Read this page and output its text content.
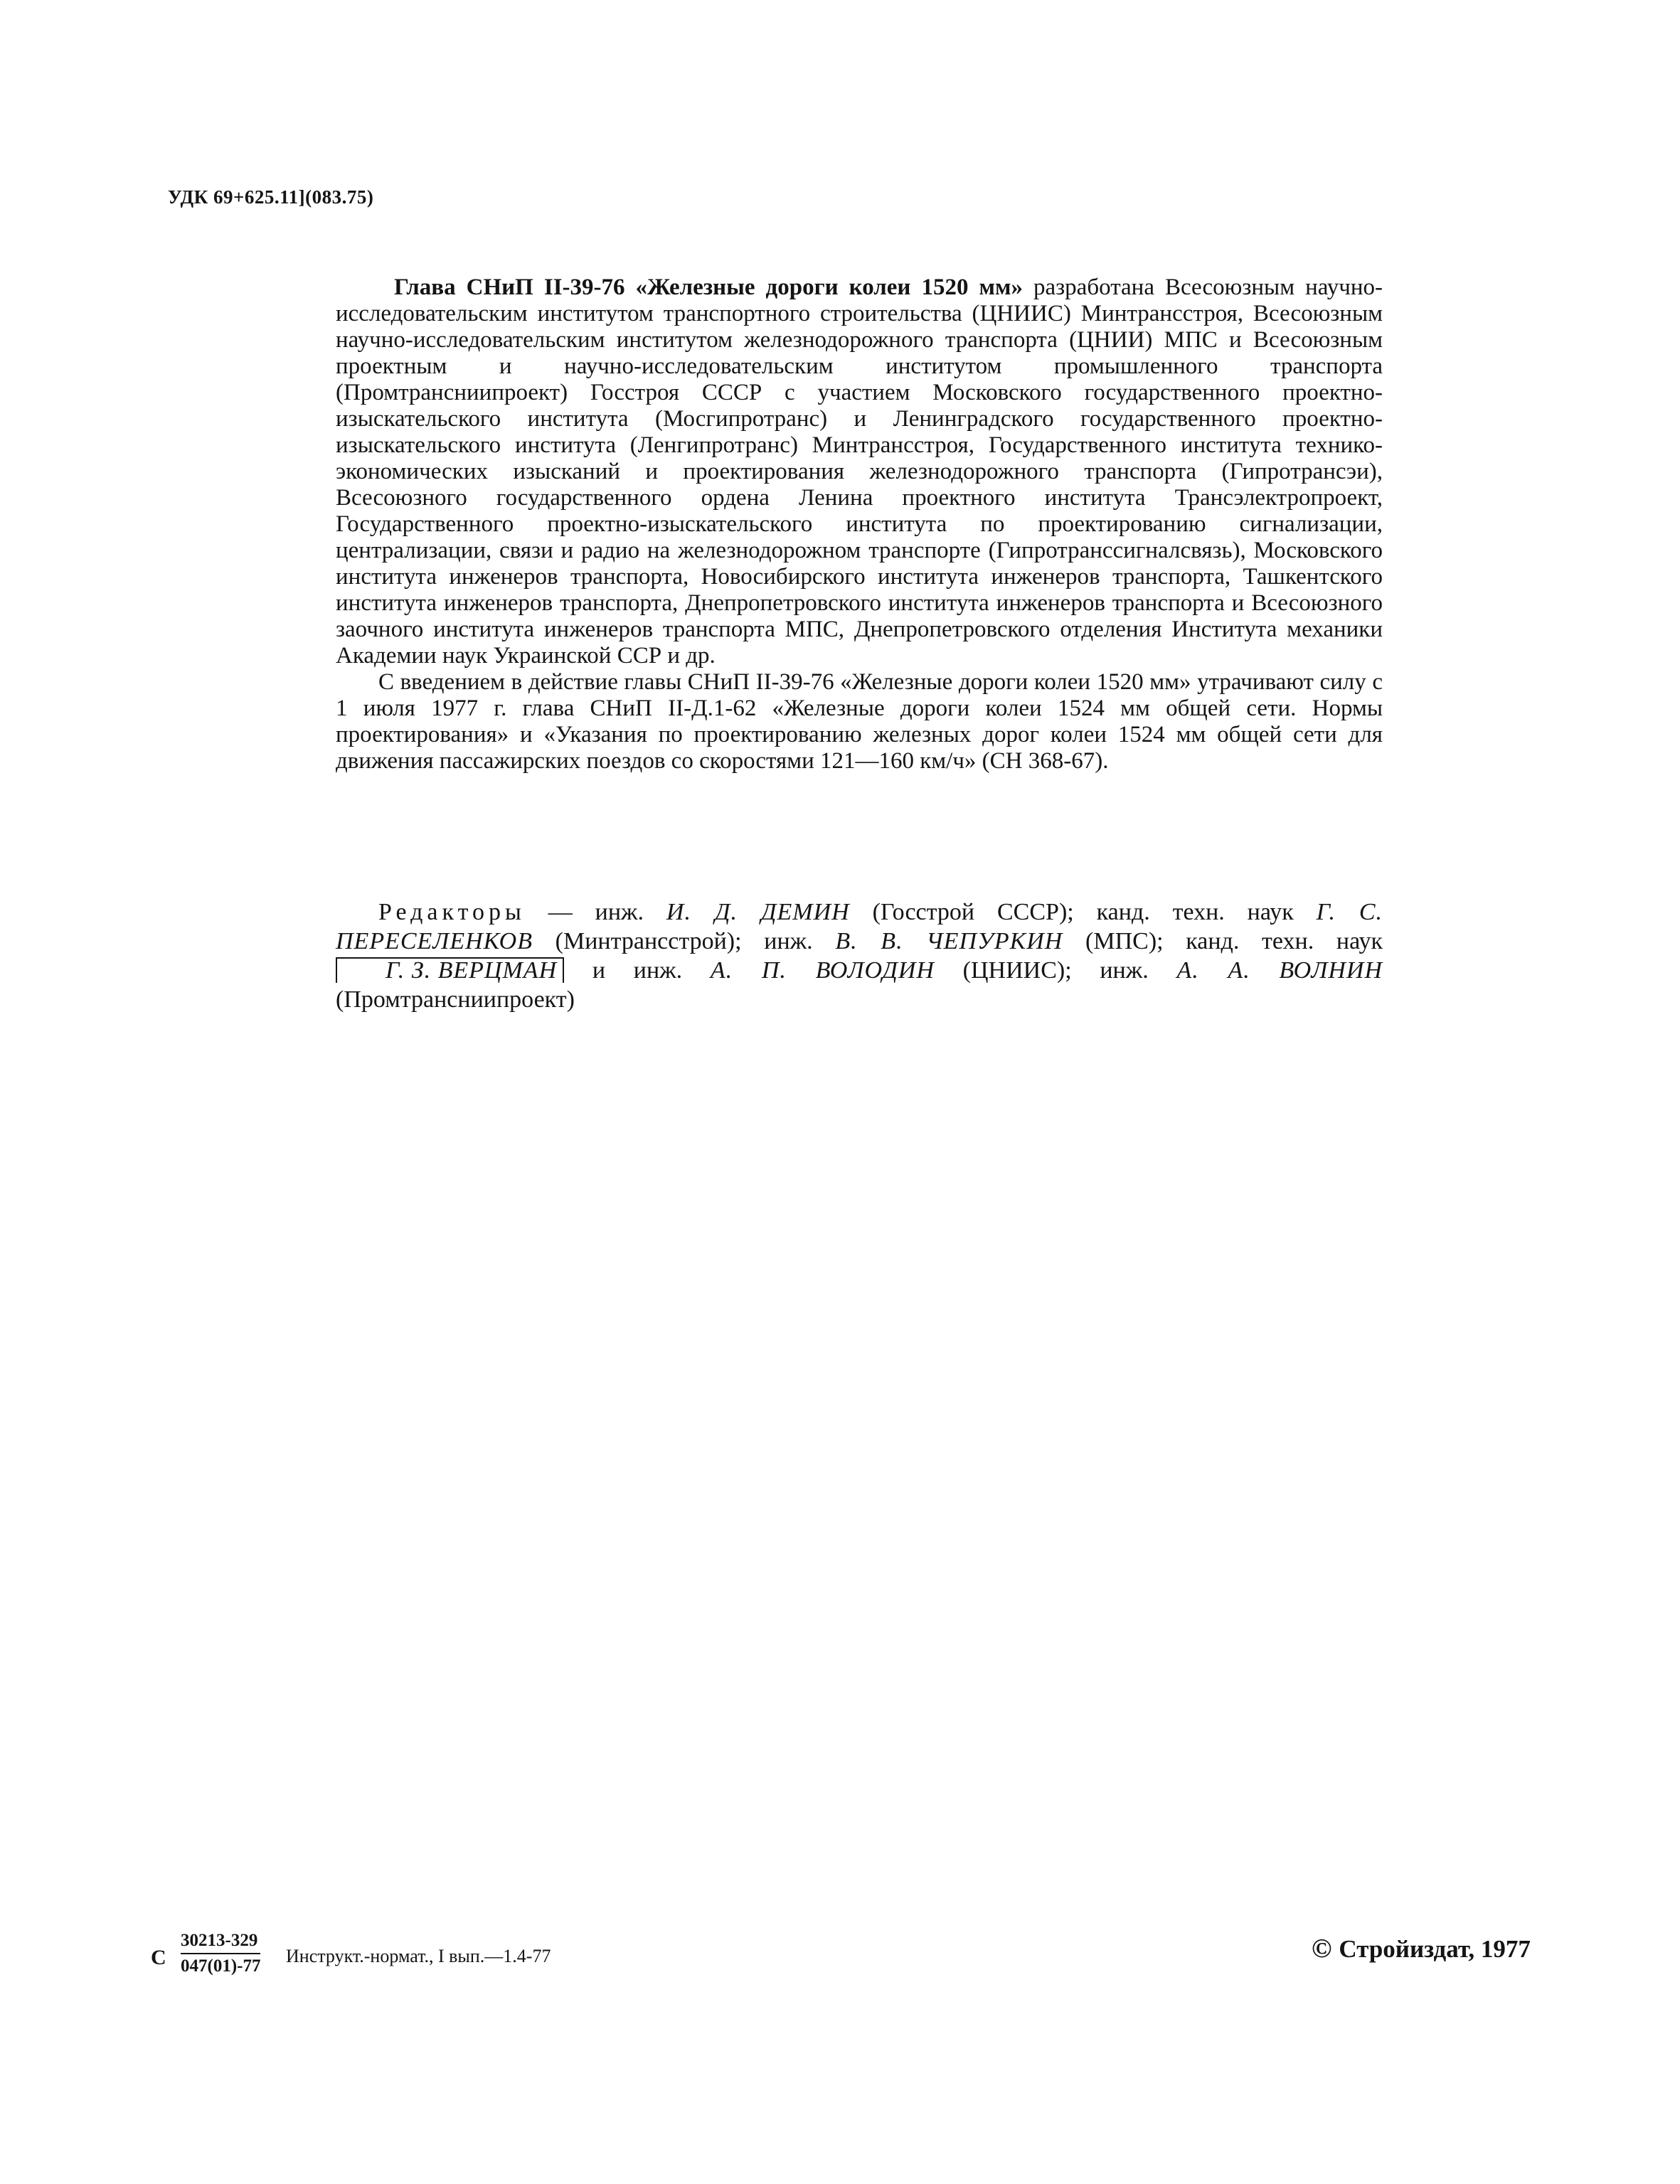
УДК 69+625.11](083.75)

Глава СНиП II-39-76 «Железные дороги колеи 1520 мм» разработана Всесоюзным научно-исследовательским институтом транспортного строительства (ЦНИИС) Минтрансстроя, Всесоюзным научно-исследовательским институтом железнодорожного транспорта (ЦНИИ) МПС и Всесоюзным проектным и научно-исследовательским институтом промышленного транспорта (Промтрансниипроект) Госстроя СССР с участием Московского государственного проектно-изыскательского института (Мосгипротранс) и Ленинградского государственного проектно-изыскательского института (Ленгипротранс) Минтрансстроя, Государственного института технико-экономических изысканий и проектирования железнодорожного транспорта (Гипротрансэи), Всесоюзного государственного ордена Ленина проектного института Трансэлектропроект, Государственного проектно-изыскательского института по проектированию сигнализации, централизации, связи и радио на железнодорожном транспорте (Гипротранссигналсвязь), Московского института инженеров транспорта, Новосибирского института инженеров транспорта, Ташкентского института инженеров транспорта, Днепропетровского института инженеров транспорта и Всесоюзного заочного института инженеров транспорта МПС, Днепропетровского отделения Института механики Академии наук Украинской ССР и др.

С введением в действие главы СНиП II-39-76 «Железные дороги колеи 1520 мм» утрачивают силу с 1 июля 1977 г. глава СНиП II-Д.1-62 «Железные дороги колеи 1524 мм общей сети. Нормы проектирования» и «Указания по проектированию железных дорог колеи 1524 мм общей сети для движения пассажирских поездов со скоростями 121—160 км/ч» (СН 368-67).

Редакторы — инж. И. Д. ДЕМИН (Госстрой СССР); канд. техн. наук Г. С. ПЕРЕСЕЛЕНКОВ (Минтрансстрой); инж. В. В. ЧЕПУРКИН (МПС); канд. техн. наук Г. З. ВЕРЦМАН и инж. А. П. ВОЛОДИН (ЦНИИС); инж. А. А. ВОЛНИН (Промтрансниипроект)
С $\frac{30213-329}{047(01)-77}$ Инструкт.-нормат., I вып.—1.4-77	© Стройиздат, 1977
